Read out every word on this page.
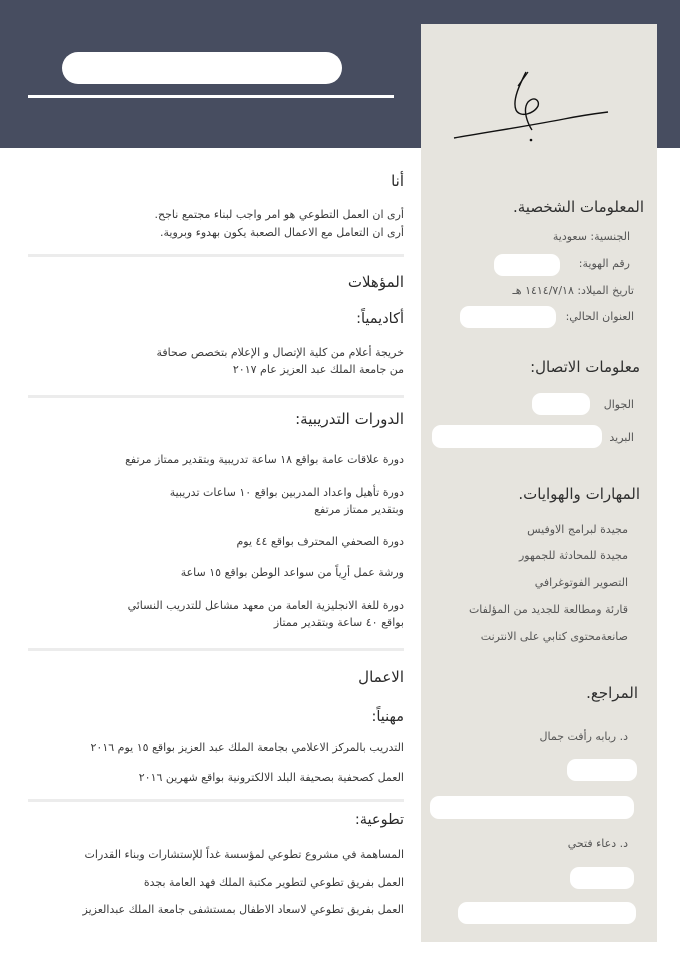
أنا
أرى ان العمل التطوعي هو امر واجب لبناء مجتمع ناجح.
أرى ان التعامل مع الاعمال الصعبة يكون بهدوء وبروية.
المؤهلات
أكاديمياً:
خريجة أعلام من كلية الإتصال و الإعلام بتخصص صحافة
من جامعة الملك عبد العزيز عام ٢٠١٧
الدورات التدريبية:
دورة علاقات عامة بواقع ١٨ ساعة تدريبية وبتقدير ممتاز مرتفع
دورة تأهيل واعداد المدربين بواقع ١٠ ساعات تدريبية
وبتقدير ممتاز مرتفع
دورة الصحفي المحترف بواقع ٤٤ يوم
ورشة عمل أرِياً من سواعد الوطن بواقع ١٥ ساعة
دورة للغة الانجليزية العامة من معهد مشاعل للتدريب النسائي
بواقع ٤٠ ساعة وبتقدير ممتاز
الاعمال
مهنياً:
التدريب بالمركز الاعلامي بجامعة الملك عبد العزيز بواقع ١٥ يوم ٢٠١٦
العمل كصحفية بصحيفة البلد الالكترونية بواقع شهرين ٢٠١٦
تطوعية:
المساهمة في مشروع تطوعي لمؤسسة غداً للإستشارات وبناء القدرات
العمل بفريق تطوعي لتطوير مكتبة الملك فهد العامة بجدة
العمل بفريق تطوعي لاسعاد الاطفال بمستشفى جامعة الملك عبدالعزيز
المعلومات الشخصية.
الجنسية: سعودية
رقم الهوية:
تاريخ الميلاد: ١٤١٤/٧/١٨ هـ
العنوان الحالي:
معلومات الاتصال:
الجوال
البريد
المهارات والهوايات.
مجيدة لبرامج الاوفيس
مجيدة للمحادثة للجمهور
التصوير الفوتوغرافي
قارئة ومطالعة للجديد من المؤلفات
صانعةمحتوى كتابي على الانترنت
المراجع.
د. ربابه رأفت جمال
د. دعاء فتحي
